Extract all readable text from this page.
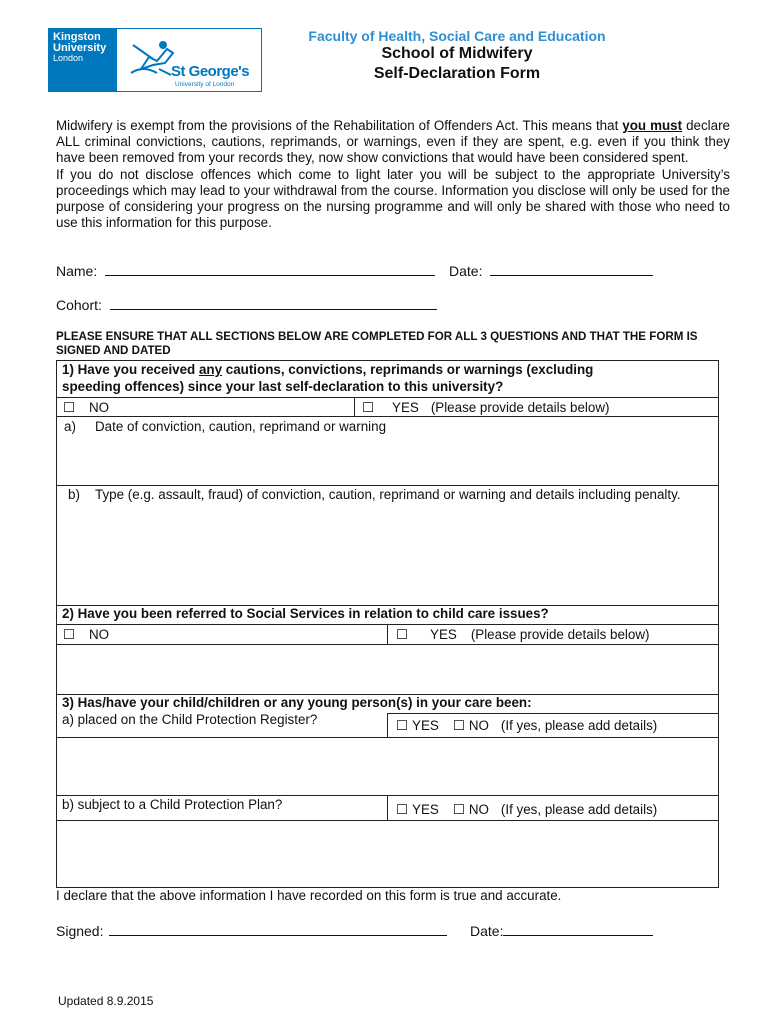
Kingston
University
London
St George's
University of London
Faculty of Health, Social Care and Education
School of Midwifery
Self-Declaration Form

Midwifery is exempt from the provisions of the Rehabilitation of Offenders Act. This means that you must declare ALL criminal convictions, cautions, reprimands, or warnings, even if they are spent, e.g. even if you think they have been removed from your records they, now show convictions that would have been considered spent.

If you do not disclose offences which come to light later you will be subject to the appropriate University’s proceedings which may lead to your withdrawal from the course. Information you disclose will only be used for the purpose of considering your progress on the nursing programme and will only be shared with those who need to use this information for this purpose.

Name:	Date:
Cohort:
PLEASE ENSURE THAT ALL SECTIONS BELOW ARE COMPLETED FOR ALL 3 QUESTIONS AND THAT THE FORM IS SIGNED AND DATED
1) Have you received any cautions, convictions, reprimands or warnings (excluding
speeding offences) since your last self-declaration to this university?
☐ NO	☐ YES (Please provide details below)
a) Date of conviction, caution, reprimand or warning
b) Type (e.g. assault, fraud) of conviction, caution, reprimand or warning and details including penalty.
2) Have you been referred to Social Services in relation to child care issues?
☐ NO	☐ YES (Please provide details below)
3) Has/have your child/children or any young person(s) in your care been:
a) placed on the Child Protection Register?	☐ YES ☐ NO (If yes, please add details)
b) subject to a Child Protection Plan?	☐ YES ☐ NO (If yes, please add details)
I declare that the above information I have recorded on this form is true and accurate.
Signed:	Date:
Updated 8.9.2015
